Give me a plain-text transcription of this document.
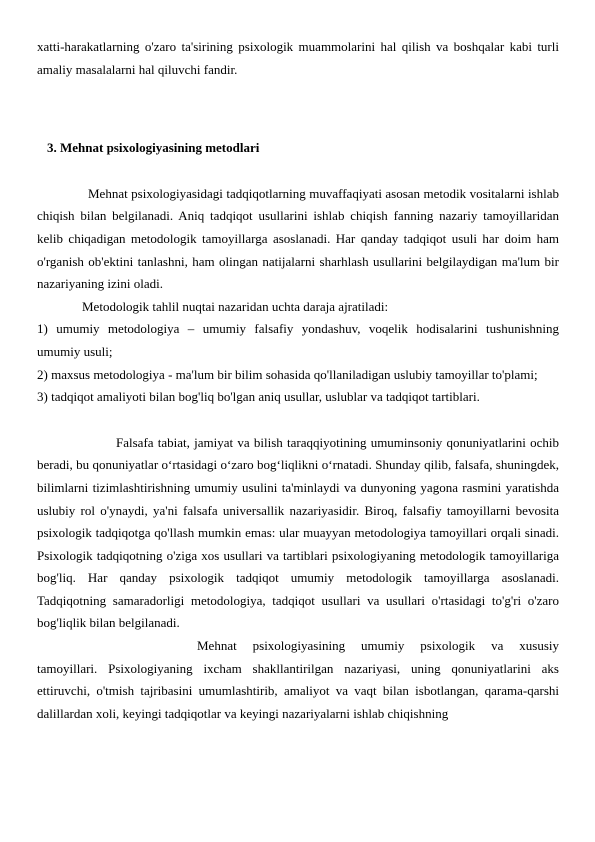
xatti-harakatlarning o'zaro ta'sirining psixologik muammolarini hal qilish va boshqalar kabi turli amaliy masalalarni hal qiluvchi fandir.

3. Mehnat psixologiyasining metodlari

Mehnat psixologiyasidagi tadqiqotlarning muvaffaqiyati asosan metodik vositalarni ishlab chiqish bilan belgilanadi. Aniq tadqiqot usullarini ishlab chiqish fanning nazariy tamoyillaridan kelib chiqadigan metodologik tamoyillarga asoslanadi. Har qanday tadqiqot usuli har doim ham o'rganish ob'ektini tanlashni, ham olingan natijalarni sharhlash usullarini belgilaydigan ma'lum bir nazariyaning izini oladi.

Metodologik tahlil nuqtai nazaridan uchta daraja ajratiladi:

1) umumiy metodologiya – umumiy falsafiy yondashuv, voqelik hodisalarini tushunishning umumiy usuli;

2) maxsus metodologiya - ma'lum bir bilim sohasida qo'llaniladigan uslubiy tamoyillar to'plami;

3) tadqiqot amaliyoti bilan bog'liq bo'lgan aniq usullar, uslublar va tadqiqot tartiblari.

Falsafa tabiat, jamiyat va bilish taraqqiyotining umuminsoniy qonuniyatlarini ochib beradi, bu qonuniyatlar o‘rtasidagi o‘zaro bog‘liqlikni o‘rnatadi. Shunday qilib, falsafa, shuningdek, bilimlarni tizimlashtirishning umumiy usulini ta'minlaydi va dunyoning yagona rasmini yaratishda uslubiy rol o'ynaydi, ya'ni falsafa universallik nazariyasidir. Biroq, falsafiy tamoyillarni bevosita psixologik tadqiqotga qo'llash mumkin emas: ular muayyan metodologiya tamoyillari orqali sinadi. Psixologik tadqiqotning o'ziga xos usullari va tartiblari psixologiyaning metodologik tamoyillariga bog'liq. Har qanday psixologik tadqiqot umumiy metodologik tamoyillarga asoslanadi. Tadqiqotning samaradorligi metodologiya, tadqiqot usullari va usullari o'rtasidagi to'g'ri o'zaro bog'liqlik bilan belgilanadi.

Mehnat psixologiyasining umumiy psixologik va xususiy tamoyillari. Psixologiyaning ixcham shakllantirilgan nazariyasi, uning qonuniyatlarini aks ettiruvchi, o'tmish tajribasini umumlashtirib, amaliyot va vaqt bilan isbotlangan, qarama-qarshi dalillardan xoli, keyingi tadqiqotlar va keyingi nazariyalarni ishlab chiqishning
